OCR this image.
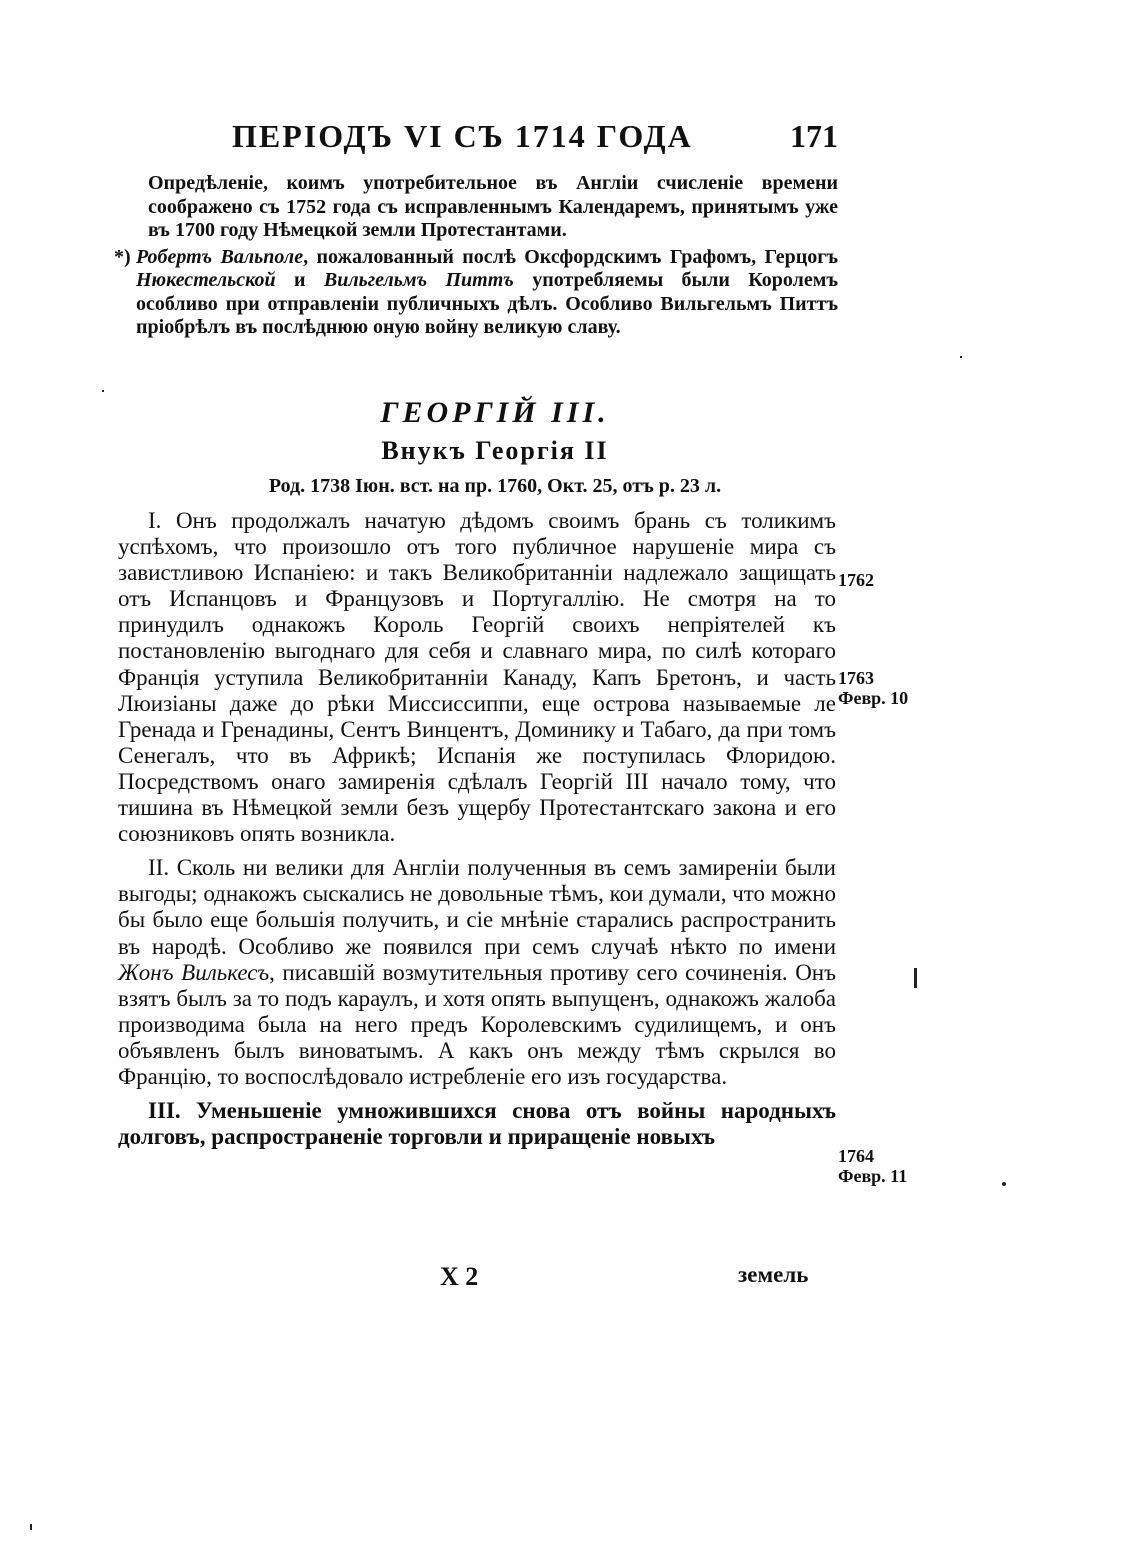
ПЕРIОДЪ VI СЪ 1714 ГОДА	171
Опредѣленiе, коимъ употребительное въ Англiи счисленiе времени соображено съ 1752 года съ исправленнымъ Календаремъ, принятымъ уже въ 1700 году Нѣмецкой земли Протестантами.
*) Робертъ Вальполе, пожалованный послѣ Оксфордскимъ Графомъ, Герцогъ Нюкестельской и Вильгельмъ Питтъ употребляемы были Королемъ особливо при отправленiи публичныхъ дѣлъ. Особливо Вильгельмъ Питтъ прiобрѣлъ въ послѣднюю оную войну великую славу.
ГЕОРГIЙ III.
Внукъ Георгiя II
Род. 1738 Iюн. вст. на пр. 1760, Окт. 25, отъ р. 23 л.

I. Онъ продолжалъ начатую дѣдомъ своимъ брань съ толикимъ успѣхомъ, что произошло отъ того публичное нарушенiе мира съ завистливою Испанiею: и такъ Великобританнiи надлежало защищать отъ Испанцовъ и Французовъ и Португаллiю. Не смотря на то принудилъ однакожъ Король Георгiй своихъ непрiятелей къ постановленiю выгоднаго для себя и славнаго мира, по силѣ котораго Францiя уступила Великобританнiи Канаду, Капъ Бретонъ, и часть Люизiаны даже до рѣки Миссиссиппи, еще острова называемые ле Гренада и Гренадины, Сентъ Винцентъ, Доминику и Табаго, да при томъ Сенегалъ, что въ Африкѣ; Испанiя же поступилась Флоридою. Посредствомъ онаго замиренiя сдѣлалъ Георгiй III начало тому, что тишина въ Нѣмецкой земли безъ ущербу Протестантскаго закона и его союзниковъ опять возникла.

II. Сколь ни велики для Англiи полученныя въ семъ замиренiи были выгоды; однакожъ сыскались не довольные тѣмъ, кои думали, что можно бы было еще большiя получить, и сiе мнѣнiе старались распространить въ народѣ. Особливо же появился при семъ случаѣ нѣкто по имени Жонъ Вилькесъ, писавшiй возмутительныя противу сего сочиненiя. Онъ взятъ былъ за то подъ караулъ, и хотя опять выпущенъ, однакожъ жалоба производима была на него предъ Королевскимъ судилищемъ, и онъ объявленъ былъ виноватымъ. А какъ онъ между тѣмъ скрылся во Францiю, то воспослѣдовало истребленiе его изъ государства.

III. Уменьшенiе умножившихся снова отъ войны народныхъ долговъ, распространенiе торговли и приращенiе новыхъ

1762
1763
Февр. 10
1764
Февр. 11
X 2	земель
